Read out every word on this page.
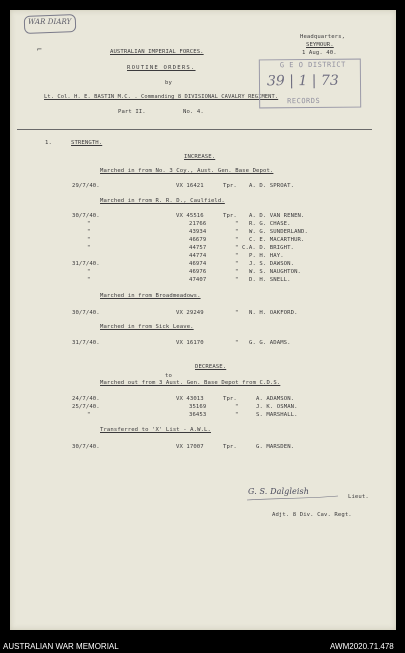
WAR DIARY
⌐
Headquarters,
SEYMOUR.
1 Aug. 40.
AUSTRALIAN IMPERIAL FORCES.
ROUTINE ORDERS.
by
Lt. Col. H. E. BASTIN M.C. . Commanding 8 DIVISIONAL CAVALRY REGIMENT.
Part II.	No. 4.
G E O DISTRICT
39 | 1 | 73
RECORDS
1.	STRENGTH.
INCREASE.
Marched in from No. 3 Coy., Aust. Gen. Base Depot.
29/7/40.	VX 16421	Tpr. A. D. SPROAT.
Marched in from R. R. D., Caulfield.
30/7/40.	VX 45516	Tpr. A. D. VAN RENEN.
"	21766	" R. G. CHASE.
"	43934	" W. G. SUNDERLAND.
"	46679	" C. E. MACARTHUR.
"	44757	" C.A. D. BRIGHT.
44774	" P. H. HAY.
31/7/40.	46974	" J. S. DAWSON.
"	46976	" W. S. NAUGHTON.
"	47407	" D. H. SNELL.
Marched in from Broadmeadows.
30/7/40.	VX 29249	" N. H. OAKFORD.
Marched in from Sick Leave.
31/7/40.	VX 16170	" G. G. ADAMS.
DECREASE.
to
Marched out from 3 Aust. Gen. Base Depot from C.D.S.
24/7/40.	VX 43013	Tpr.	A. ADAMSON.
25/7/40.	35169	"	J. K. OSMAN.
"	36453	"	S. MARSHALL.
Transferred to 'X' List - A.W.L.
30/7/40.	VX 17007	Tpr.	G. MARSDEN.
G. S. Dalgleish
Lieut.
Adjt. 8 Div. Cav. Regt.
AUSTRALIAN WAR MEMORIAL	AWM2020.71.478
